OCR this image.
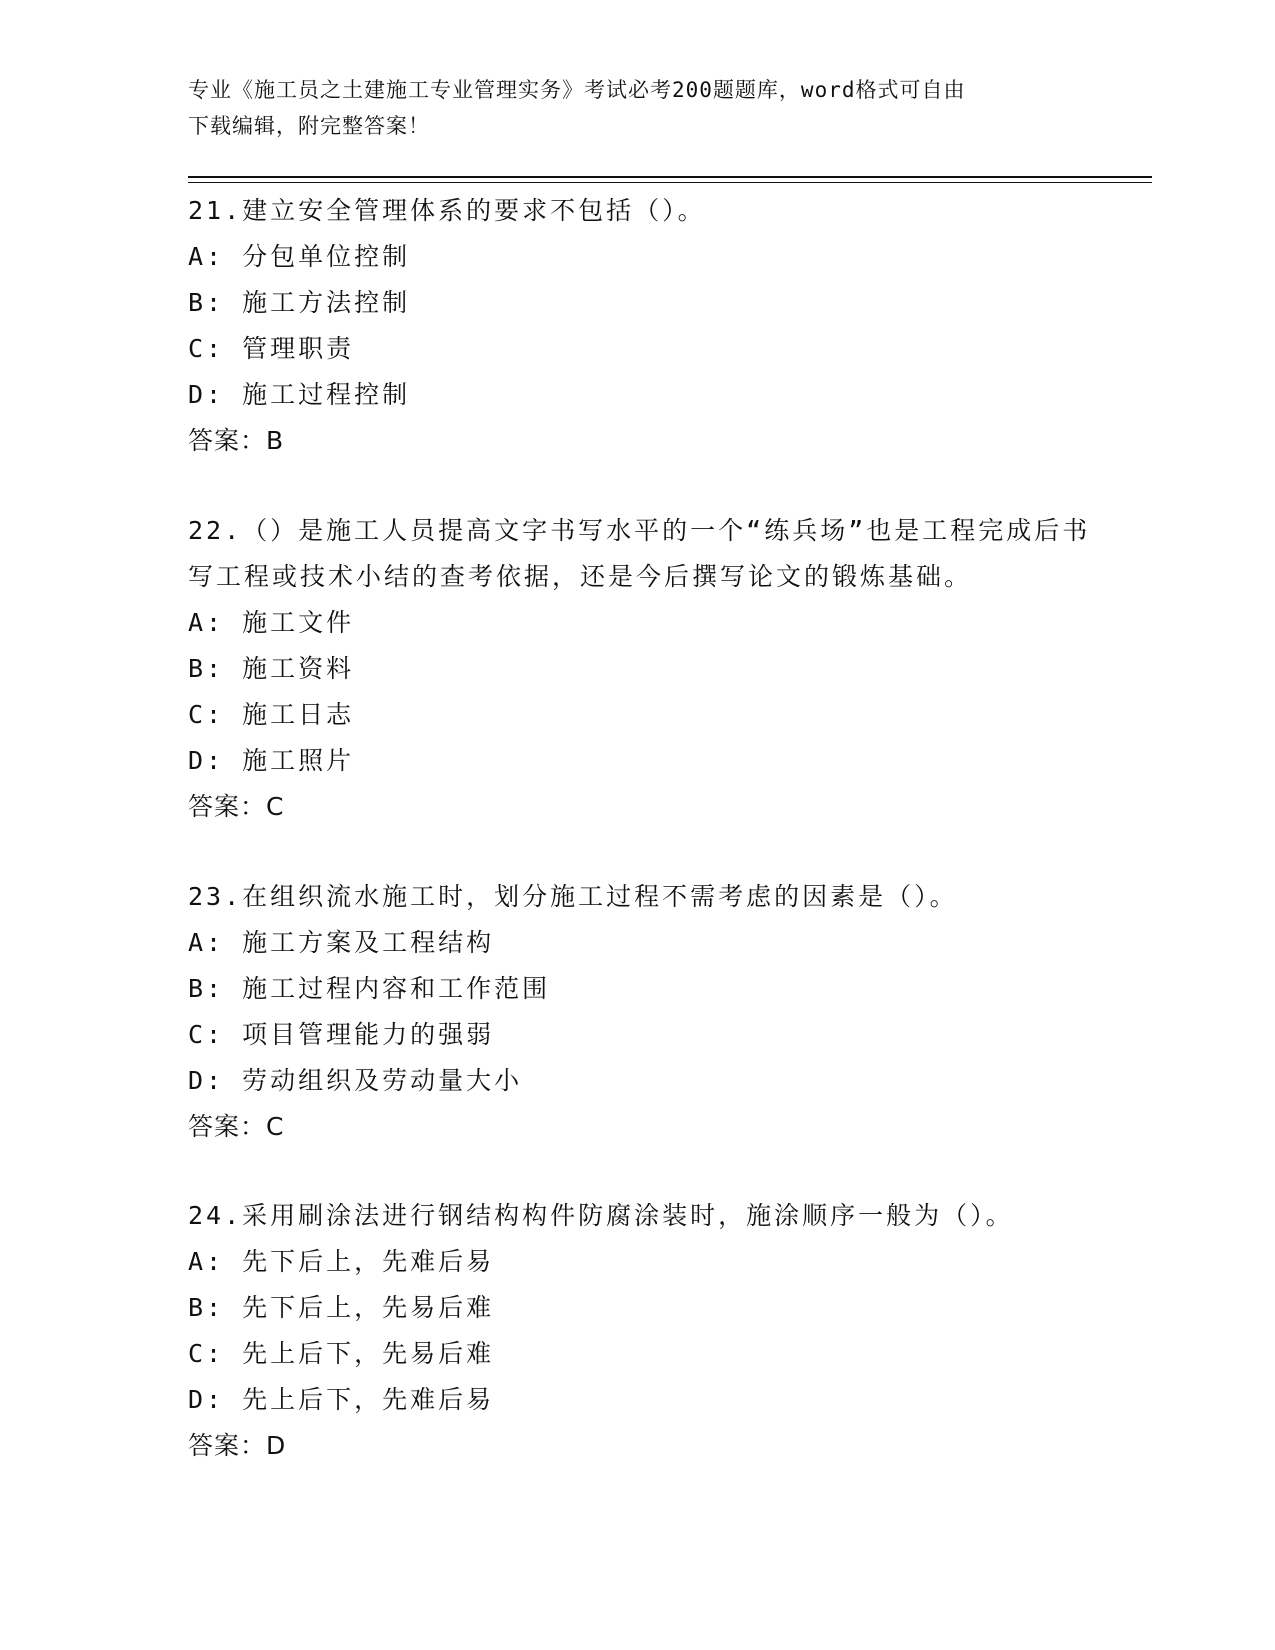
专业《施工员之土建施工专业管理实务》考试必考200题题库，word格式可自由
下载编辑，附完整答案！

21.建立安全管理体系的要求不包括（）。

A: 分包单位控制

B: 施工方法控制

C: 管理职责

D: 施工过程控制

答案：B

22.（）是施工人员提高文字书写水平的一个“练兵场”也是工程完成后书写工程或技术小结的查考依据，还是今后撰写论文的锻炼基础。

A: 施工文件

B: 施工资料

C: 施工日志

D: 施工照片

答案：C

23.在组织流水施工时，划分施工过程不需考虑的因素是（）。

A: 施工方案及工程结构

B: 施工过程内容和工作范围

C: 项目管理能力的强弱

D: 劳动组织及劳动量大小

答案：C

24.采用刷涂法进行钢结构构件防腐涂装时，施涂顺序一般为（）。

A: 先下后上，先难后易

B: 先下后上，先易后难

C: 先上后下，先易后难

D: 先上后下，先难后易

答案：D
